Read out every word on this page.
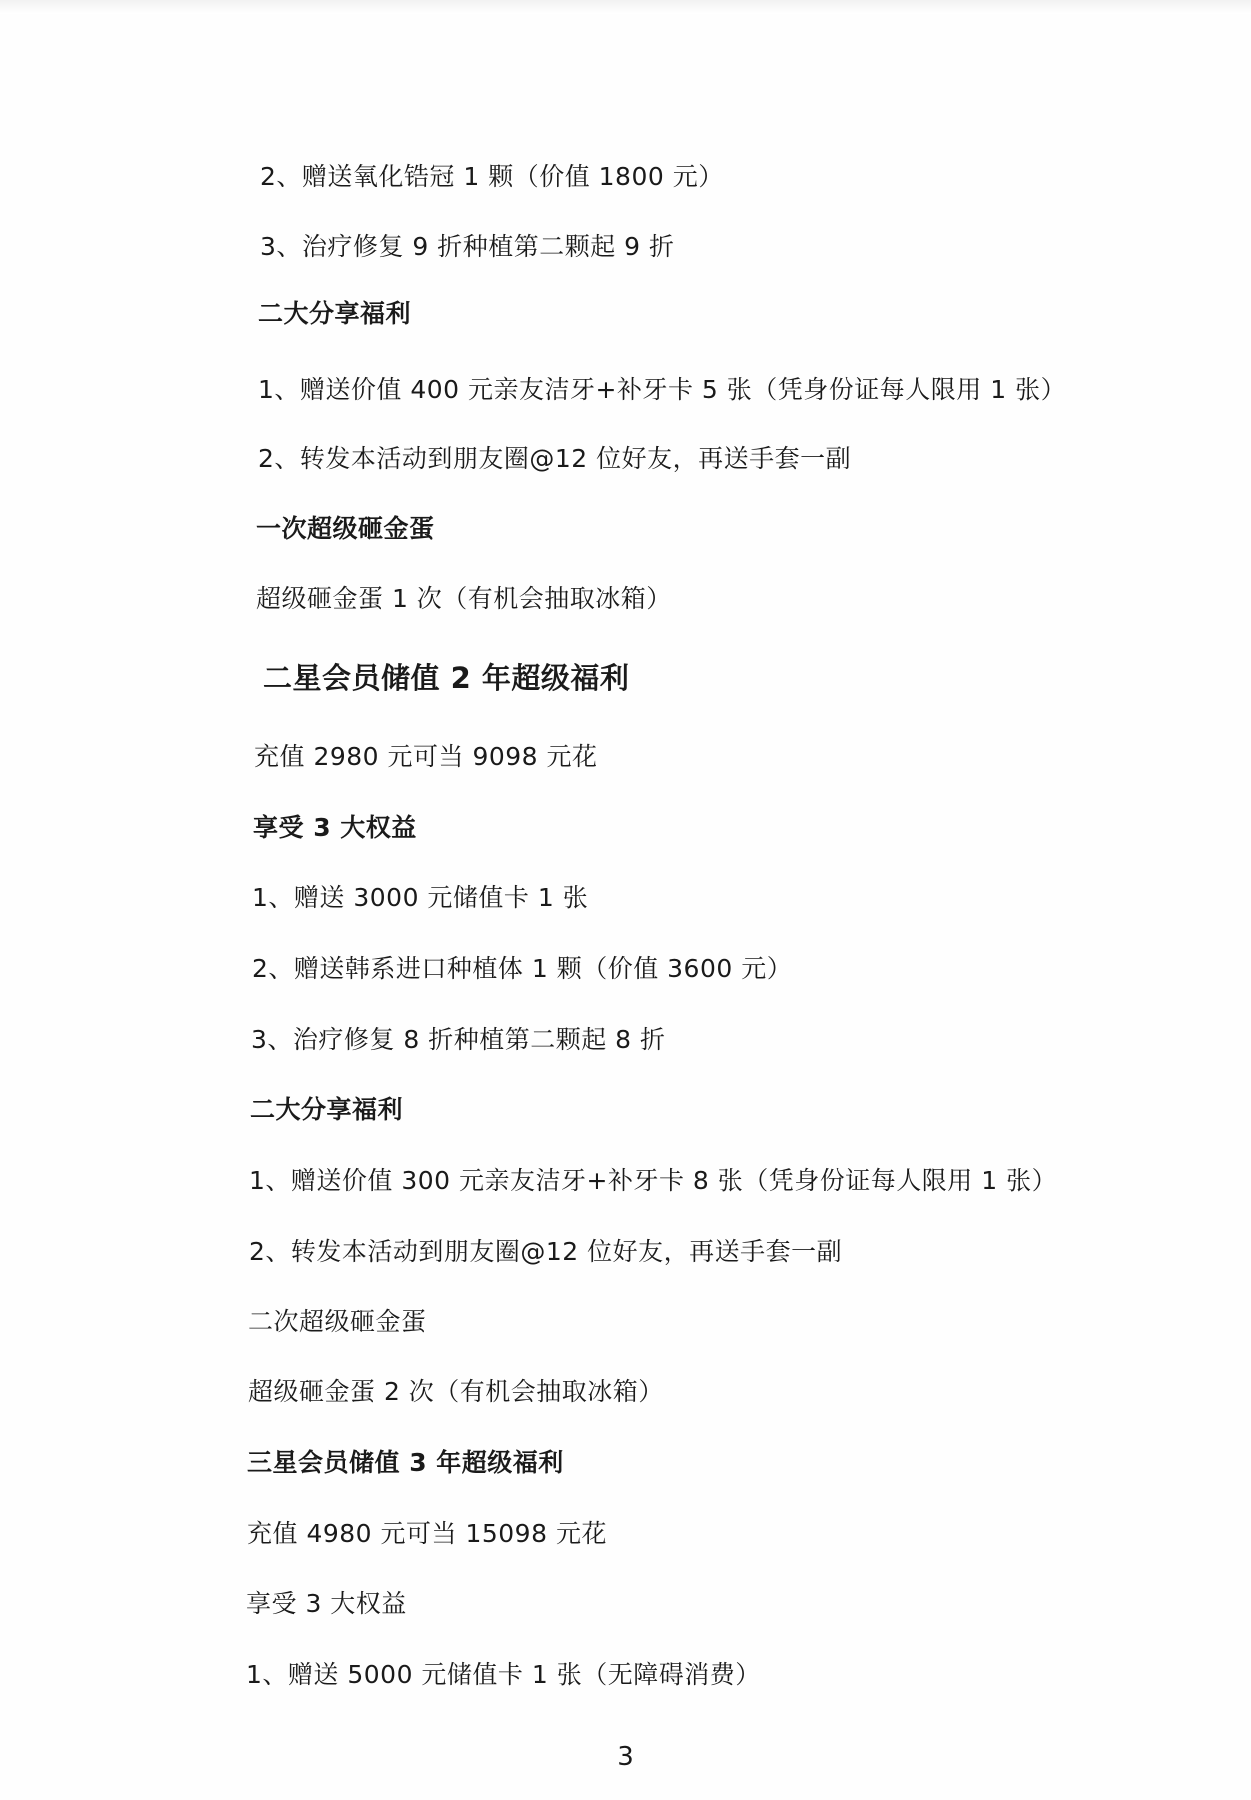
2、赠送氧化锆冠 1 颗（价值 1800 元）
3、治疗修复 9 折种植第二颗起 9 折
二大分享福利
1、赠送价值 400 元亲友洁牙+补牙卡 5 张（凭身份证每人限用 1 张）
2、转发本活动到朋友圈@12 位好友，再送手套一副
一次超级砸金蛋
超级砸金蛋 1 次（有机会抽取冰箱）
二星会员储值 2 年超级福利
充值 2980 元可当 9098 元花
享受 3 大权益
1、赠送 3000 元储值卡 1 张
2、赠送韩系进口种植体 1 颗（价值 3600 元）
3、治疗修复 8 折种植第二颗起 8 折
二大分享福利
1、赠送价值 300 元亲友洁牙+补牙卡 8 张（凭身份证每人限用 1 张）
2、转发本活动到朋友圈@12 位好友，再送手套一副
二次超级砸金蛋
超级砸金蛋 2 次（有机会抽取冰箱）
三星会员储值 3 年超级福利
充值 4980 元可当 15098 元花
享受 3 大权益
1、赠送 5000 元储值卡 1 张（无障碍消费）
3
